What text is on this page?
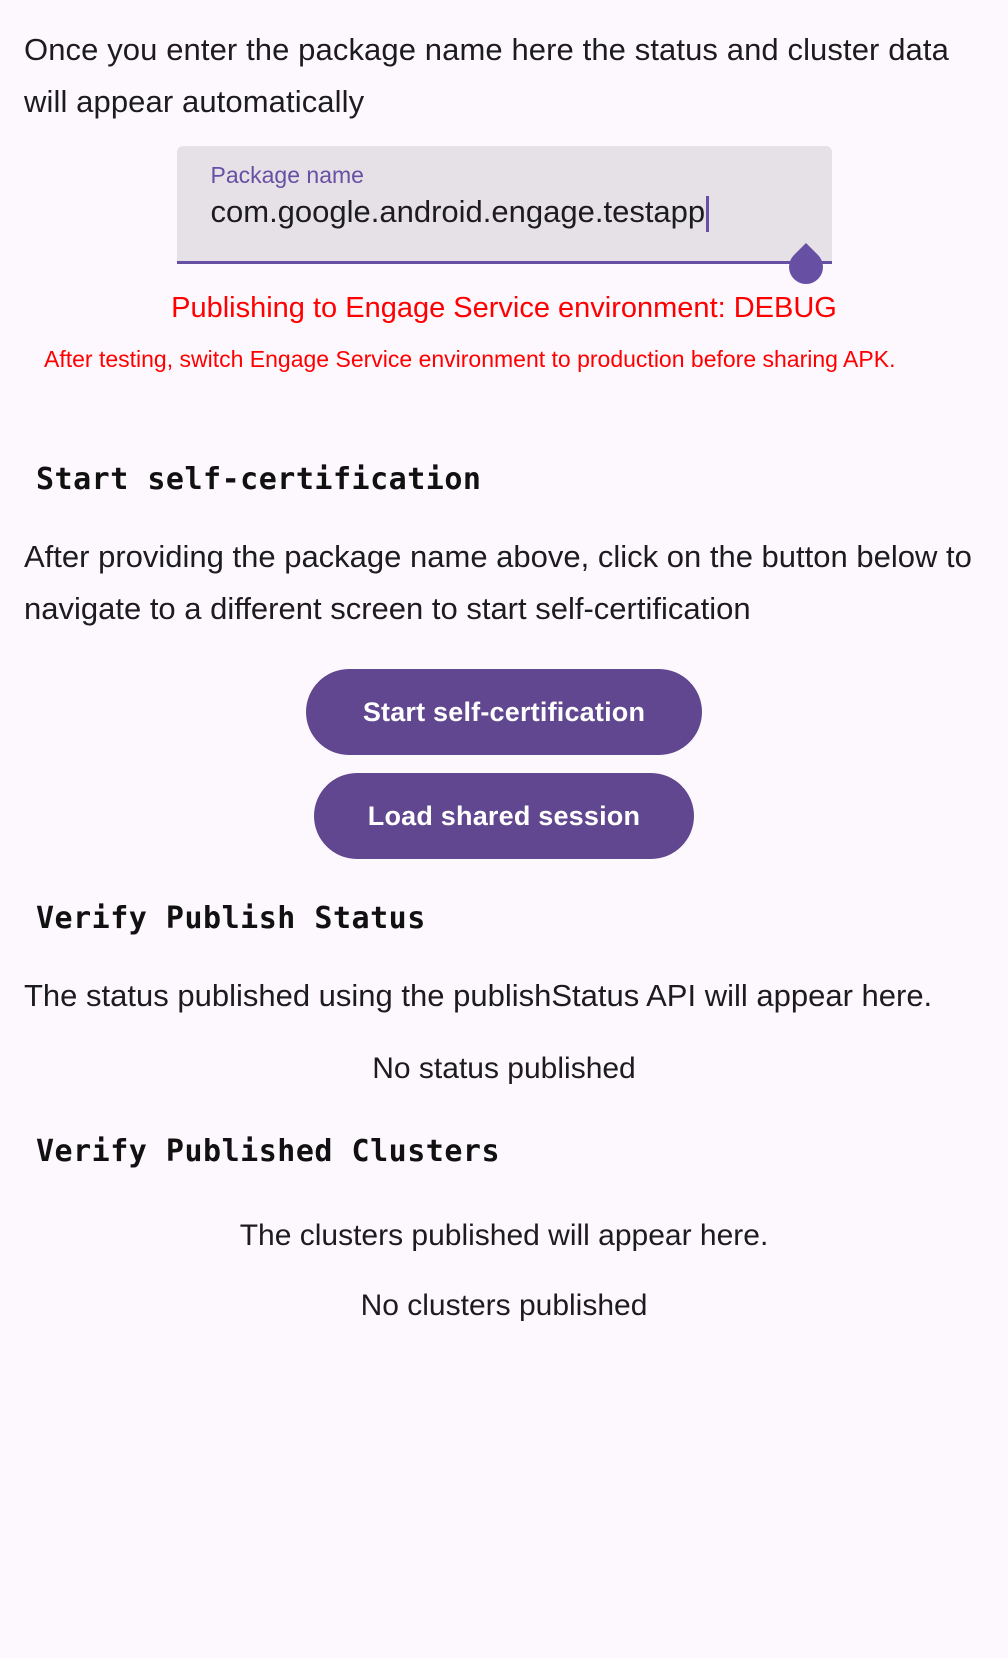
Once you enter the package name here the status and cluster data will appear automatically

Package name
com.google.android.engage.testapp

Publishing to Engage Service environment: DEBUG

After testing, switch Engage Service environment to production before sharing APK.

Start self-certification

After providing the package name above, click on the button below to navigate to a different screen to start self-certification

Start self-certification
Load shared session
Verify Publish Status

The status published using the publishStatus API will appear here.

No status published

Verify Published Clusters

The clusters published will appear here.

No clusters published
